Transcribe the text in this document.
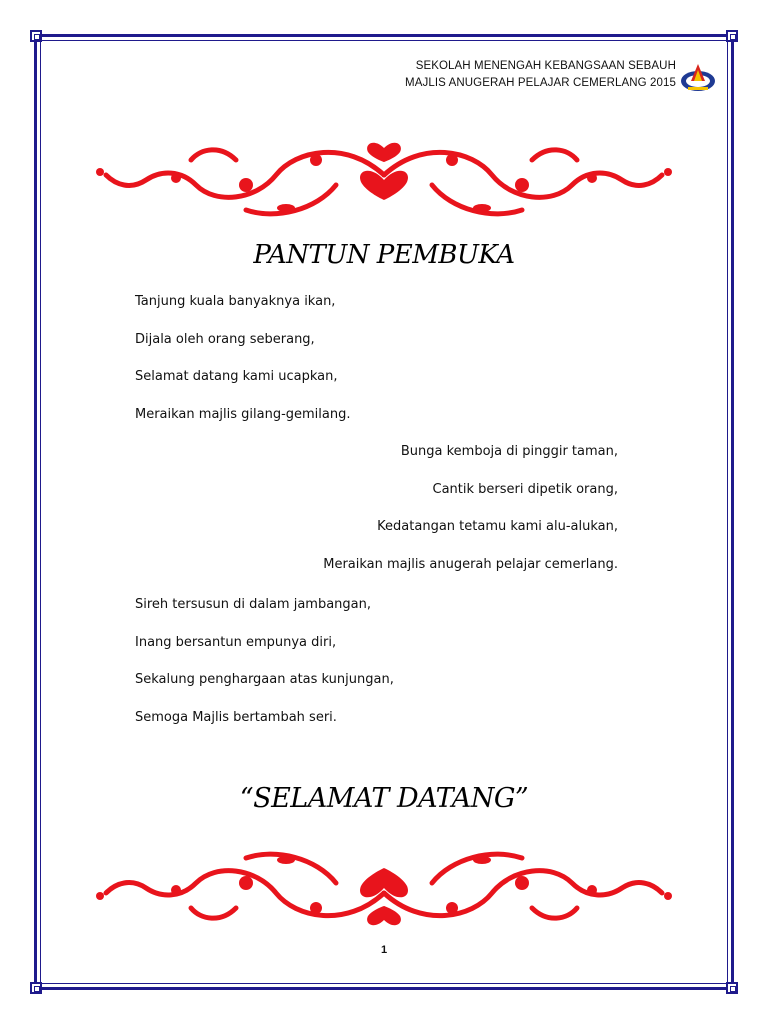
SEKOLAH MENENGAH KEBANGSAAN SEBAUH
MAJLIS ANUGERAH PELAJAR CEMERLANG 2015
PANTUN PEMBUKA
Tanjung kuala banyaknya ikan,
Dijala oleh orang seberang,
Selamat datang kami ucapkan,
Meraikan majlis gilang-gemilang.
Bunga kemboja di pinggir taman,
Cantik berseri dipetik orang,
Kedatangan tetamu kami alu-alukan,
Meraikan majlis anugerah pelajar cemerlang.
Sireh tersusun di dalam jambangan,
Inang bersantun empunya diri,
Sekalung penghargaan atas kunjungan,
Semoga Majlis bertambah seri.
“SELAMAT DATANG”
1
